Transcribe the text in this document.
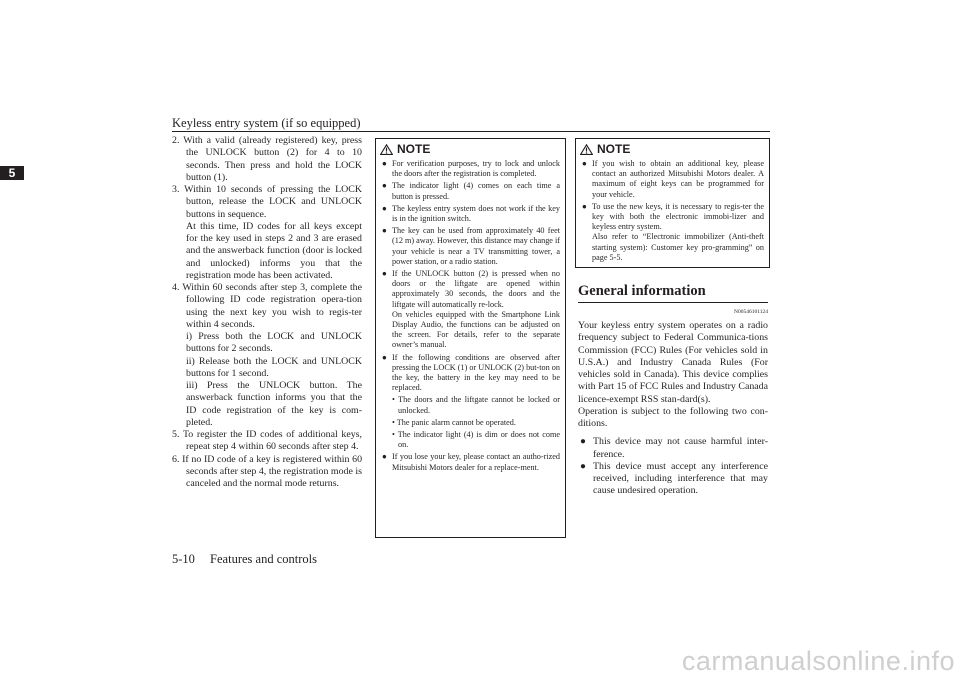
Keyless entry system (if so equipped)
5
2. With a valid (already registered) key, press the UNLOCK button (2) for 4 to 10 seconds. Then press and hold the LOCK button (1).
3. Within 10 seconds of pressing the LOCK button, release the LOCK and UNLOCK buttons in sequence.
At this time, ID codes for all keys except for the key used in steps 2 and 3 are erased and the answerback function (door is locked and unlocked) informs you that the registration mode has been activated.
4. Within 60 seconds after step 3, complete the following ID code registration opera-tion using the next key you wish to regis-ter within 4 seconds.
i) Press both the LOCK and UNLOCK buttons for 2 seconds.
ii) Release both the LOCK and UNLOCK buttons for 1 second.
iii) Press the UNLOCK button. The answerback function informs you that the ID code registration of the key is com-pleted.
5. To register the ID codes of additional keys, repeat step 4 within 60 seconds after step 4.
6. If no ID code of a key is registered within 60 seconds after step 4, the registration mode is canceled and the normal mode returns.
NOTE
● For verification purposes, try to lock and unlock the doors after the registration is completed.
● The indicator light (4) comes on each time a button is pressed.
● The keyless entry system does not work if the key is in the ignition switch.
● The key can be used from approximately 40 feet (12 m) away. However, this distance may change if your vehicle is near a TV transmitting tower, a power station, or a radio station.
● If the UNLOCK button (2) is pressed when no doors or the liftgate are opened within approximately 30 seconds, the doors and the liftgate will automatically re-lock.
On vehicles equipped with the Smartphone Link Display Audio, the functions can be adjusted on the screen. For details, refer to the separate owner’s manual.
● If the following conditions are observed after pressing the LOCK (1) or UNLOCK (2) but-ton on the key, the battery in the key may need to be replaced.
• The doors and the liftgate cannot be locked or unlocked.
• The panic alarm cannot be operated.
• The indicator light (4) is dim or does not come on.
● If you lose your key, please contact an autho-rized Mitsubishi Motors dealer for a replace-ment.
NOTE
● If you wish to obtain an additional key, please contact an authorized Mitsubishi Motors dealer. A maximum of eight keys can be programmed for your vehicle.
● To use the new keys, it is necessary to regis-ter the key with both the electronic immobi-lizer and keyless entry system.
Also refer to “Electronic immobilizer (Anti-theft starting system): Customer key pro-gramming” on page 5-5.
General information
N00546101124

Your keyless entry system operates on a radio frequency subject to Federal Communica-tions Commission (FCC) Rules (For vehicles sold in U.S.A.) and Industry Canada Rules (For vehicles sold in Canada). This device complies with Part 15 of FCC Rules and Industry Canada licence-exempt RSS stan-dard(s).

Operation is subject to the following two con-ditions.

● This device may not cause harmful inter-ference.
● This device must accept any interference received, including interference that may cause undesired operation.
5-10 Features and controls
carmanualsonline.info
